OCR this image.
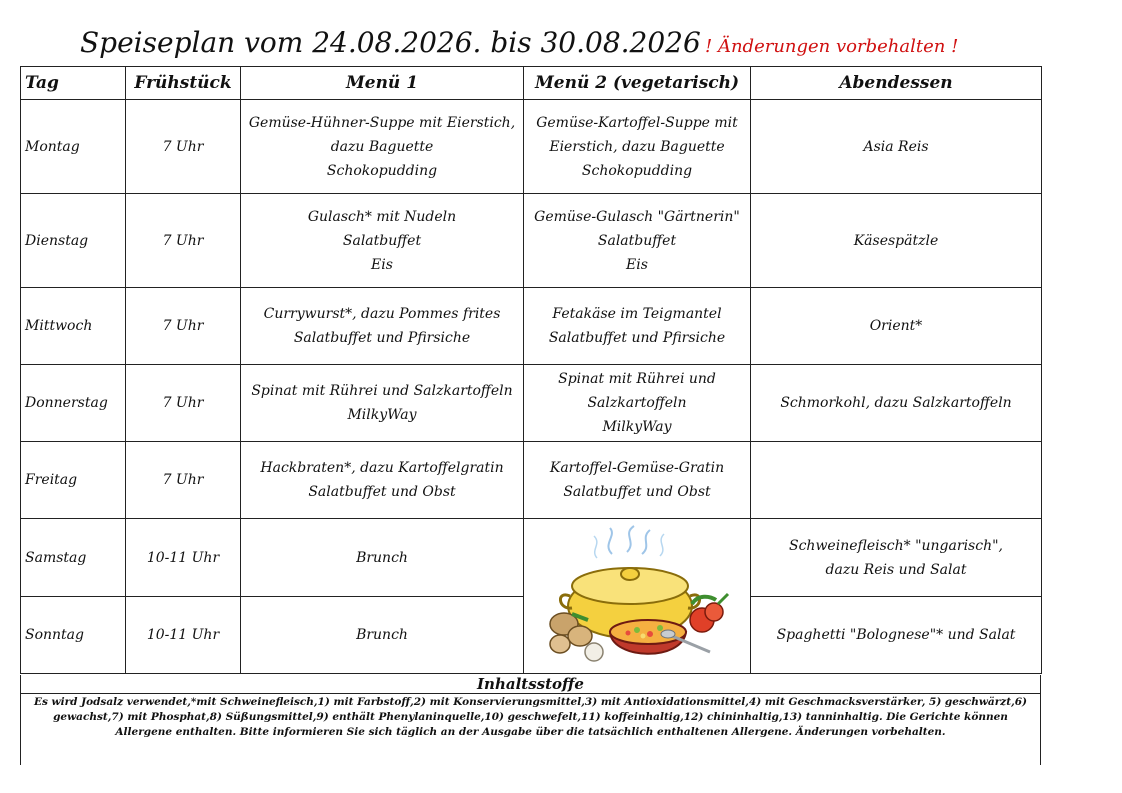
Speiseplan vom 24.08.2026. bis 30.08.2026 ! Änderungen vorbehalten !
Tag	Frühstück	Menü 1	Menü 2 (vegetarisch)	Abendessen
Montag	7 Uhr	Gemüse-Hühner-Suppe mit Eierstich,
dazu Baguette
Schokopudding	Gemüse-Kartoffel-Suppe mit
Eierstich, dazu Baguette
Schokopudding	Asia Reis

Dienstag	7 Uhr	Gulasch* mit Nudeln
Salatbuffet
Eis	Gemüse-Gulasch "Gärtnerin"
Salatbuffet
Eis	Käsespätzle

Mittwoch	7 Uhr	Currywurst*, dazu Pommes frites
Salatbuffet und Pfirsiche	Fetakäse im Teigmantel
Salatbuffet und Pfirsiche	Orient*

Donnerstag	7 Uhr	Spinat mit Rührei und Salzkartoffeln
MilkyWay	Spinat mit Rührei und
Salzkartoffeln
MilkyWay	Schmorkohl, dazu Salzkartoffeln

Freitag	7 Uhr	Hackbraten*, dazu Kartoffelgratin
Salatbuffet und Obst	Kartoffel-Gemüse-Gratin
Salatbuffet und Obst	

Samstag	10-11 Uhr	Brunch		Schweinefleisch* "ungarisch",
dazu Reis und Salat

Sonntag	10-11 Uhr	Brunch		Spaghetti "Bolognese"* und Salat
Inhaltsstoffe
Es wird Jodsalz verwendet,*mit Schweinefleisch,1) mit Farbstoff,2) mit Konservierungsmittel,3) mit Antioxidationsmittel,4) mit Geschmacksverstärker, 5) geschwärzt,6) gewachst,7) mit Phosphat,8) Süßungsmittel,9) enthält Phenylaninquelle,10) geschwefelt,11) koffeinhaltig,12) chininhaltig,13) tanninhaltig. Die Gerichte können Allergene enthalten. Bitte informieren Sie sich täglich an der Ausgabe über die tatsächlich enthaltenen Allergene. Änderungen vorbehalten.
